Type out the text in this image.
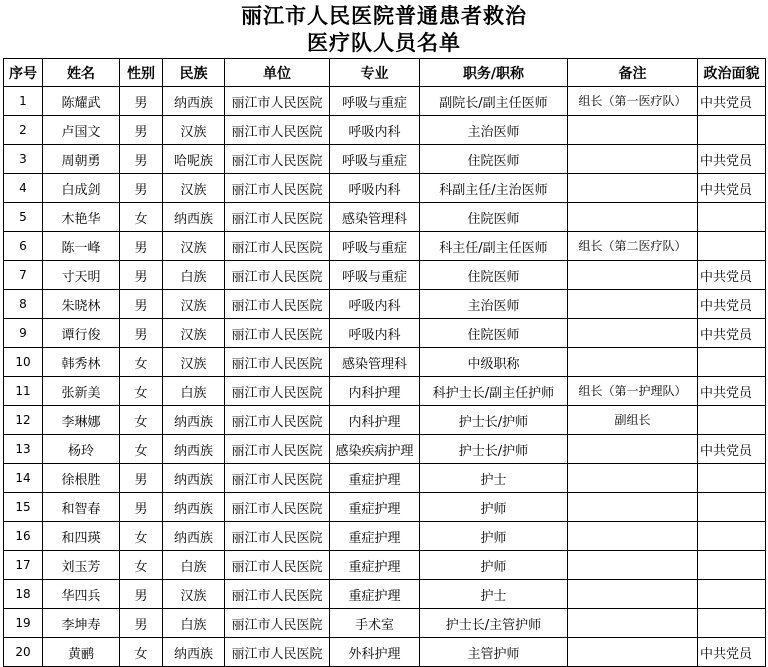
丽江市人民医院普通患者救治
医疗队人员名单
序号	姓名	性别	民族	单位	专业	职务/职称	备注	政治面貌
1	陈耀武	男	纳西族	丽江市人民医院	呼吸与重症	副院长/副主任医师	组长（第一医疗队）	中共党员
2	卢国文	男	汉族	丽江市人民医院	呼吸内科	主治医师		
3	周朝勇	男	哈呢族	丽江市人民医院	呼吸与重症	住院医师		中共党员
4	白成剑	男	汉族	丽江市人民医院	呼吸内科	科副主任/主治医师		中共党员
5	木艳华	女	纳西族	丽江市人民医院	感染管理科	住院医师		
6	陈一峰	男	汉族	丽江市人民医院	呼吸与重症	科主任/副主任医师	组长（第二医疗队）	
7	寸天明	男	白族	丽江市人民医院	呼吸与重症	住院医师		中共党员
8	朱晓林	男	汉族	丽江市人民医院	呼吸内科	主治医师		中共党员
9	谭行俊	男	汉族	丽江市人民医院	呼吸内科	住院医师		中共党员
10	韩秀林	女	汉族	丽江市人民医院	感染管理科	中级职称		
11	张新美	女	白族	丽江市人民医院	内科护理	科护士长/副主任护师	组长（第一护理队）	中共党员
12	李琳娜	女	纳西族	丽江市人民医院	内科护理	护士长/护师	副组长	
13	杨玲	女	纳西族	丽江市人民医院	感染疾病护理	护士长/护师		中共党员
14	徐根胜	男	纳西族	丽江市人民医院	重症护理	护士		
15	和智春	男	纳西族	丽江市人民医院	重症护理	护师		
16	和四瑛	女	纳西族	丽江市人民医院	重症护理	护师		
17	刘玉芳	女	白族	丽江市人民医院	重症护理	护师		
18	华四兵	男	汉族	丽江市人民医院	重症护理	护士		
19	李坤寿	男	白族	丽江市人民医院	手术室	护士长/主管护师		
20	黄鹂	女	纳西族	丽江市人民医院	外科护理	主管护师		中共党员
